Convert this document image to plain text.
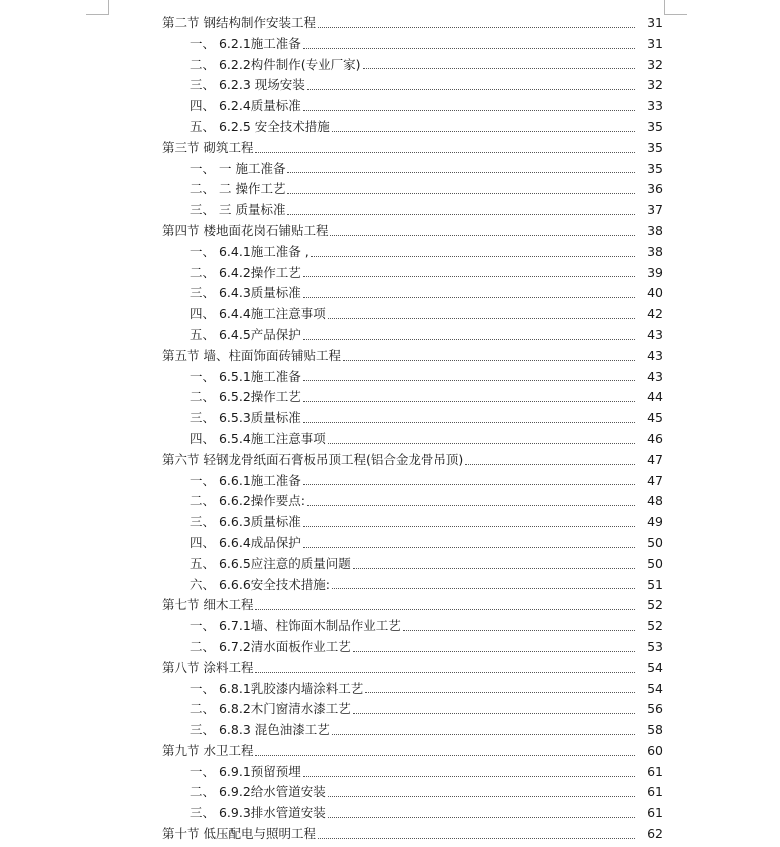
第二节 钢结构制作安装工程	31
一、 6.2.1施工准备	31
二、 6.2.2构件制作(专业厂家)	32
三、 6.2.3 现场安装	32
四、 6.2.4质量标准	33
五、 6.2.5 安全技术措施	35
第三节 砌筑工程	35
一、 一 施工准备	35
二、 二 操作工艺	36
三、 三 质量标准	37
第四节 楼地面花岗石铺贴工程	38
一、 6.4.1施工准备 ,	38
二、 6.4.2操作工艺	39
三、 6.4.3质量标准	40
四、 6.4.4施工注意事项	42
五、 6.4.5产品保护	43
第五节 墙、柱面饰面砖铺贴工程	43
一、 6.5.1施工准备	43
二、 6.5.2操作工艺	44
三、 6.5.3质量标准	45
四、 6.5.4施工注意事项	46
第六节 轻钢龙骨纸面石膏板吊顶工程(铝合金龙骨吊顶)	47
一、 6.6.1施工准备	47
二、 6.6.2操作要点:	48
三、 6.6.3质量标准	49
四、 6.6.4成品保护	50
五、 6.6.5应注意的质量问题	50
六、 6.6.6安全技术措施:	51
第七节 细木工程	52
一、 6.7.1墙、柱饰面木制品作业工艺	52
二、 6.7.2清水面板作业工艺	53
第八节 涂料工程	54
一、 6.8.1乳胶漆内墙涂料工艺	54
二、 6.8.2木门窗清水漆工艺	56
三、 6.8.3 混色油漆工艺	58
第九节 水卫工程	60
一、 6.9.1预留预埋	61
二、 6.9.2给水管道安装	61
三、 6.9.3排水管道安装	61
第十节 低压配电与照明工程	62
